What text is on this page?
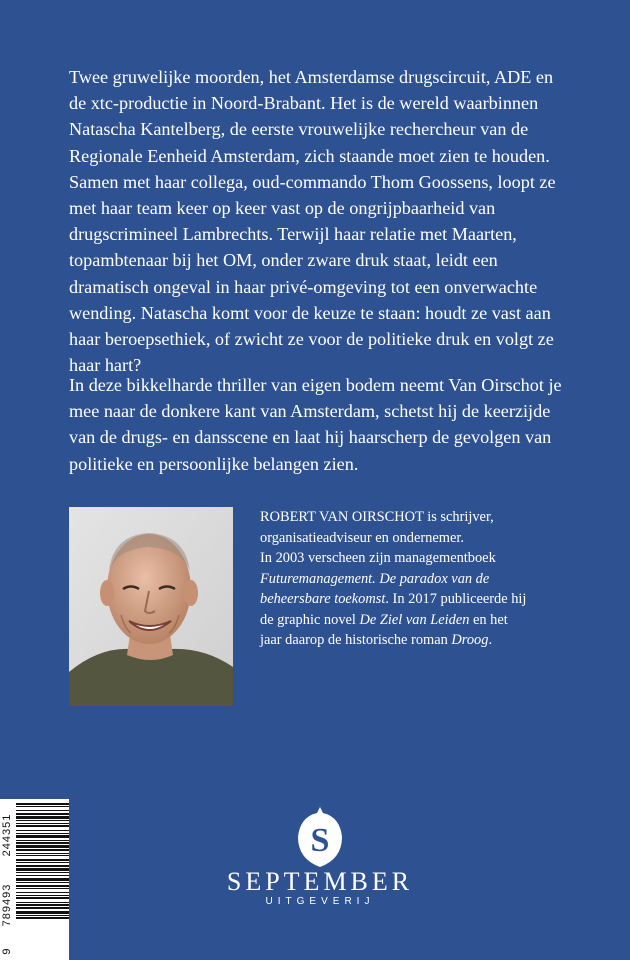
Twee gruwelijke moorden, het Amsterdamse drugscircuit, ADE en de xtc-productie in Noord-Brabant. Het is de wereld waarbinnen Natascha Kantelberg, de eerste vrouwelijke rechercheur van de Regionale Eenheid Amsterdam, zich staande moet zien te houden. Samen met haar collega, oud-commando Thom Goossens, loopt ze met haar team keer op keer vast op de ongrijpbaarheid van drugscrimineel Lambrechts. Terwijl haar relatie met Maarten, topambtenaar bij het OM, onder zware druk staat, leidt een dramatisch ongeval in haar privé-omgeving tot een onverwachte wending. Natascha komt voor de keuze te staan: houdt ze vast aan haar beroepsethiek, of zwicht ze voor de politieke druk en volgt ze haar hart?

In deze bikkelharde thriller van eigen bodem neemt Van Oirschot je mee naar de donkere kant van Amsterdam, schetst hij de keerzijde van de drugs- en dansscene en laat hij haarscherp de gevolgen van politieke en persoonlijke belangen zien.

ROBERT VAN OIRSCHOT is schrijver,
organisatieadviseur en ondernemer.
In 2003 verscheen zijn managementboek
Futuremanagement. De paradox van de
beheersbare toekomst. In 2017 publiceerde hij
de graphic novel De Ziel van Leiden en het
jaar daarop de historische roman Droog.
9
789493
244351	S
SEPTEMBER
UITGEVERIJ
